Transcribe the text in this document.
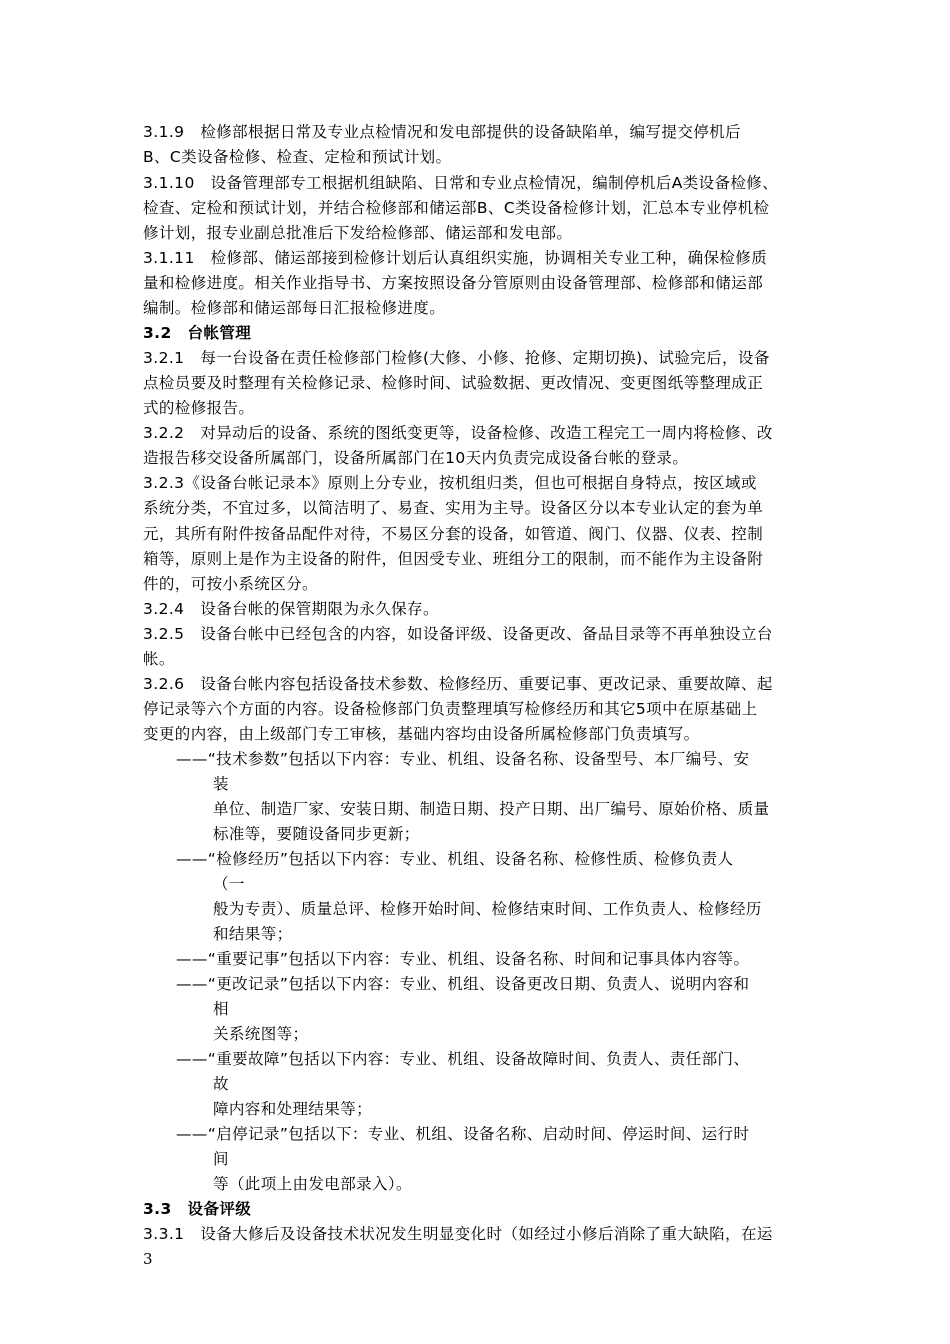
3.1.9　检修部根据日常及专业点检情况和发电部提供的设备缺陷单，编写提交停机后
B、C类设备检修、检查、定检和预试计划。
3.1.10　设备管理部专工根据机组缺陷、日常和专业点检情况，编制停机后A类设备检修、
检查、定检和预试计划，并结合检修部和储运部B、C类设备检修计划，汇总本专业停机检
修计划，报专业副总批准后下发给检修部、储运部和发电部。
3.1.11　检修部、储运部接到检修计划后认真组织实施，协调相关专业工种，确保检修质
量和检修进度。相关作业指导书、方案按照设备分管原则由设备管理部、检修部和储运部
编制。检修部和储运部每日汇报检修进度。
3.2　台帐管理
3.2.1　每一台设备在责任检修部门检修(大修、小修、抢修、定期切换)、试验完后，设备
点检员要及时整理有关检修记录、检修时间、试验数据、更改情况、变更图纸等整理成正
式的检修报告。
3.2.2　对异动后的设备、系统的图纸变更等，设备检修、改造工程完工一周内将检修、改
造报告移交设备所属部门，设备所属部门在10天内负责完成设备台帐的登录。
3.2.3《设备台帐记录本》原则上分专业，按机组归类，但也可根据自身特点，按区域或
系统分类，不宜过多，以简洁明了、易查、实用为主导。设备区分以本专业认定的套为单
元，其所有附件按备品配件对待，不易区分套的设备，如管道、阀门、仪器、仪表、控制
箱等，原则上是作为主设备的附件，但因受专业、班组分工的限制，而不能作为主设备附
件的，可按小系统区分。
3.2.4　设备台帐的保管期限为永久保存。
3.2.5　设备台帐中已经包含的内容，如设备评级、设备更改、备品目录等不再单独设立台
帐。
3.2.6　设备台帐内容包括设备技术参数、检修经历、重要记事、更改记录、重要故障、起
停记录等六个方面的内容。设备检修部门负责整理填写检修经历和其它5项中在原基础上
变更的内容，由上级部门专工审核，基础内容均由设备所属检修部门负责填写。
——“技术参数”包括以下内容：专业、机组、设备名称、设备型号、本厂编号、安
装
单位、制造厂家、安装日期、制造日期、投产日期、出厂编号、原始价格、质量
标准等，要随设备同步更新；
——“检修经历”包括以下内容：专业、机组、设备名称、检修性质、检修负责人
（一
般为专责）、质量总评、检修开始时间、检修结束时间、工作负责人、检修经历
和结果等；
——“重要记事”包括以下内容：专业、机组、设备名称、时间和记事具体内容等。
——“更改记录”包括以下内容：专业、机组、设备更改日期、负责人、说明内容和
相
关系统图等；
——“重要故障”包括以下内容：专业、机组、设备故障时间、负责人、责任部门、
故
障内容和处理结果等；
——“启停记录”包括以下：专业、机组、设备名称、启动时间、停运时间、运行时
间
等（此项上由发电部录入）。
3.3　设备评级
3.3.1　设备大修后及设备技术状况发生明显变化时（如经过小修后消除了重大缺陷，在运
3
